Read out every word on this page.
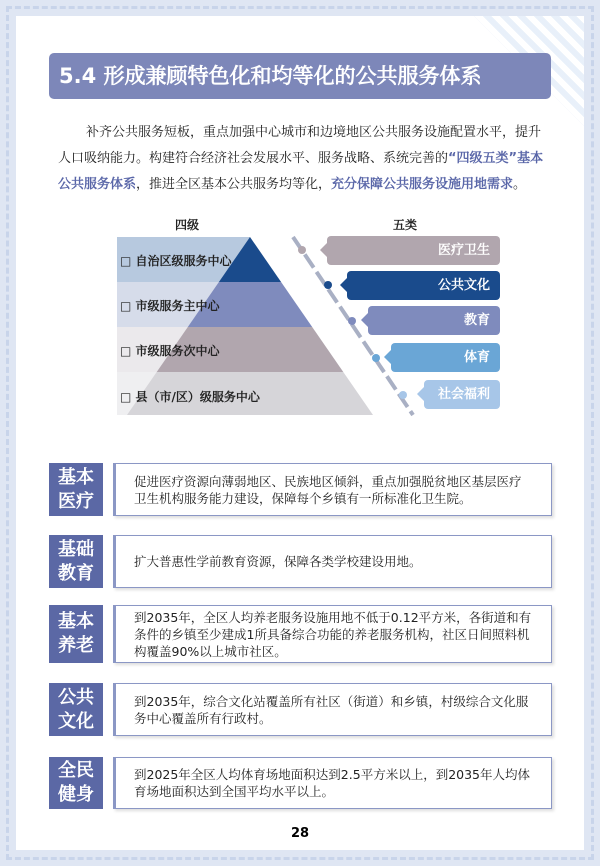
5.4 形成兼顾特色化和均等化的公共服务体系
补齐公共服务短板，重点加强中心城市和边境地区公共服务设施配置水平，提升人口吸纳能力。构建符合经济社会发展水平、服务战略、系统完善的“四级五类”基本公共服务体系，推进全区基本公共服务均等化，充分保障公共服务设施用地需求。
四级	五类
□ 自治区级服务中心
□ 市级服务主中心
□ 市级服务次中心
□ 县（市/区）级服务中心
医疗卫生
公共文化
教育
体育
社会福利
基本医疗
促进医疗资源向薄弱地区、民族地区倾斜，重点加强脱贫地区基层医疗卫生机构服务能力建设，保障每个乡镇有一所标准化卫生院。
基础教育
扩大普惠性学前教育资源，保障各类学校建设用地。
基本养老
到2035年，全区人均养老服务设施用地不低于0.12平方米，各街道和有条件的乡镇至少建成1所具备综合功能的养老服务机构，社区日间照料机构覆盖90%以上城市社区。
公共文化
到2035年，综合文化站覆盖所有社区（街道）和乡镇，村级综合文化服务中心覆盖所有行政村。
全民健身
到2025年全区人均体育场地面积达到2.5平方米以上，到2035年人均体育场地面积达到全国平均水平以上。
28
